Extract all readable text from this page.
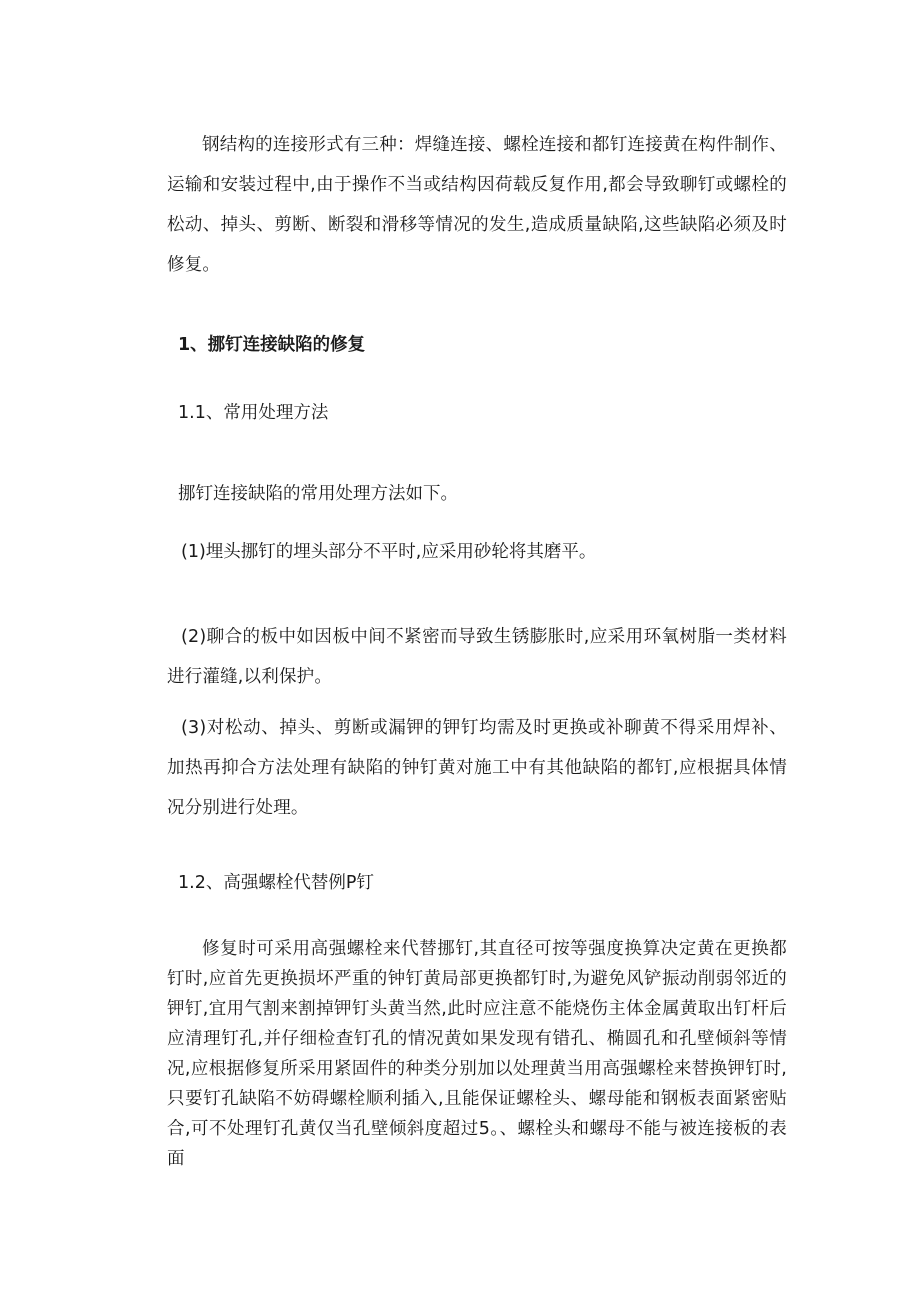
钢结构的连接形式有三种：焊缝连接、螺栓连接和都钉连接黄在构件制作、运输和安装过程中,由于操作不当或结构因荷载反复作用,都会导致聊钉或螺栓的松动、掉头、剪断、断裂和滑移等情况的发生,造成质量缺陷,这些缺陷必须及时修复。

1、挪钉连接缺陷的修复

1.1、常用处理方法

挪钉连接缺陷的常用处理方法如下。

(1)埋头挪钉的埋头部分不平时,应采用砂轮将其磨平。

(2)聊合的板中如因板中间不紧密而导致生锈膨胀时,应采用环氧树脂一类材料进行灌缝,以利保护。

(3)对松动、掉头、剪断或漏钾的钾钉均需及时更换或补聊黄不得采用焊补、加热再抑合方法处理有缺陷的钟钉黄对施工中有其他缺陷的都钉,应根据具体情况分别进行处理。

1.2、高强螺栓代替例P钉

修复时可采用高强螺栓来代替挪钉,其直径可按等强度换算决定黄在更换都钉时,应首先更换损坏严重的钟钉黄局部更换都钉时,为避免风铲振动削弱邻近的钾钉,宜用气割来割掉钾钉头黄当然,此时应注意不能烧伤主体金属黄取出钉杆后应清理钉孔,并仔细检查钉孔的情况黄如果发现有错孔、椭圆孔和孔壁倾斜等情况,应根据修复所采用紧固件的种类分别加以处理黄当用高强螺栓来替换钾钉时,只要钉孔缺陷不妨碍螺栓顺利插入,且能保证螺栓头、螺母能和钢板表面紧密贴合,可不处理钉孔黄仅当孔壁倾斜度超过5。、螺栓头和螺母不能与被连接板的表面
